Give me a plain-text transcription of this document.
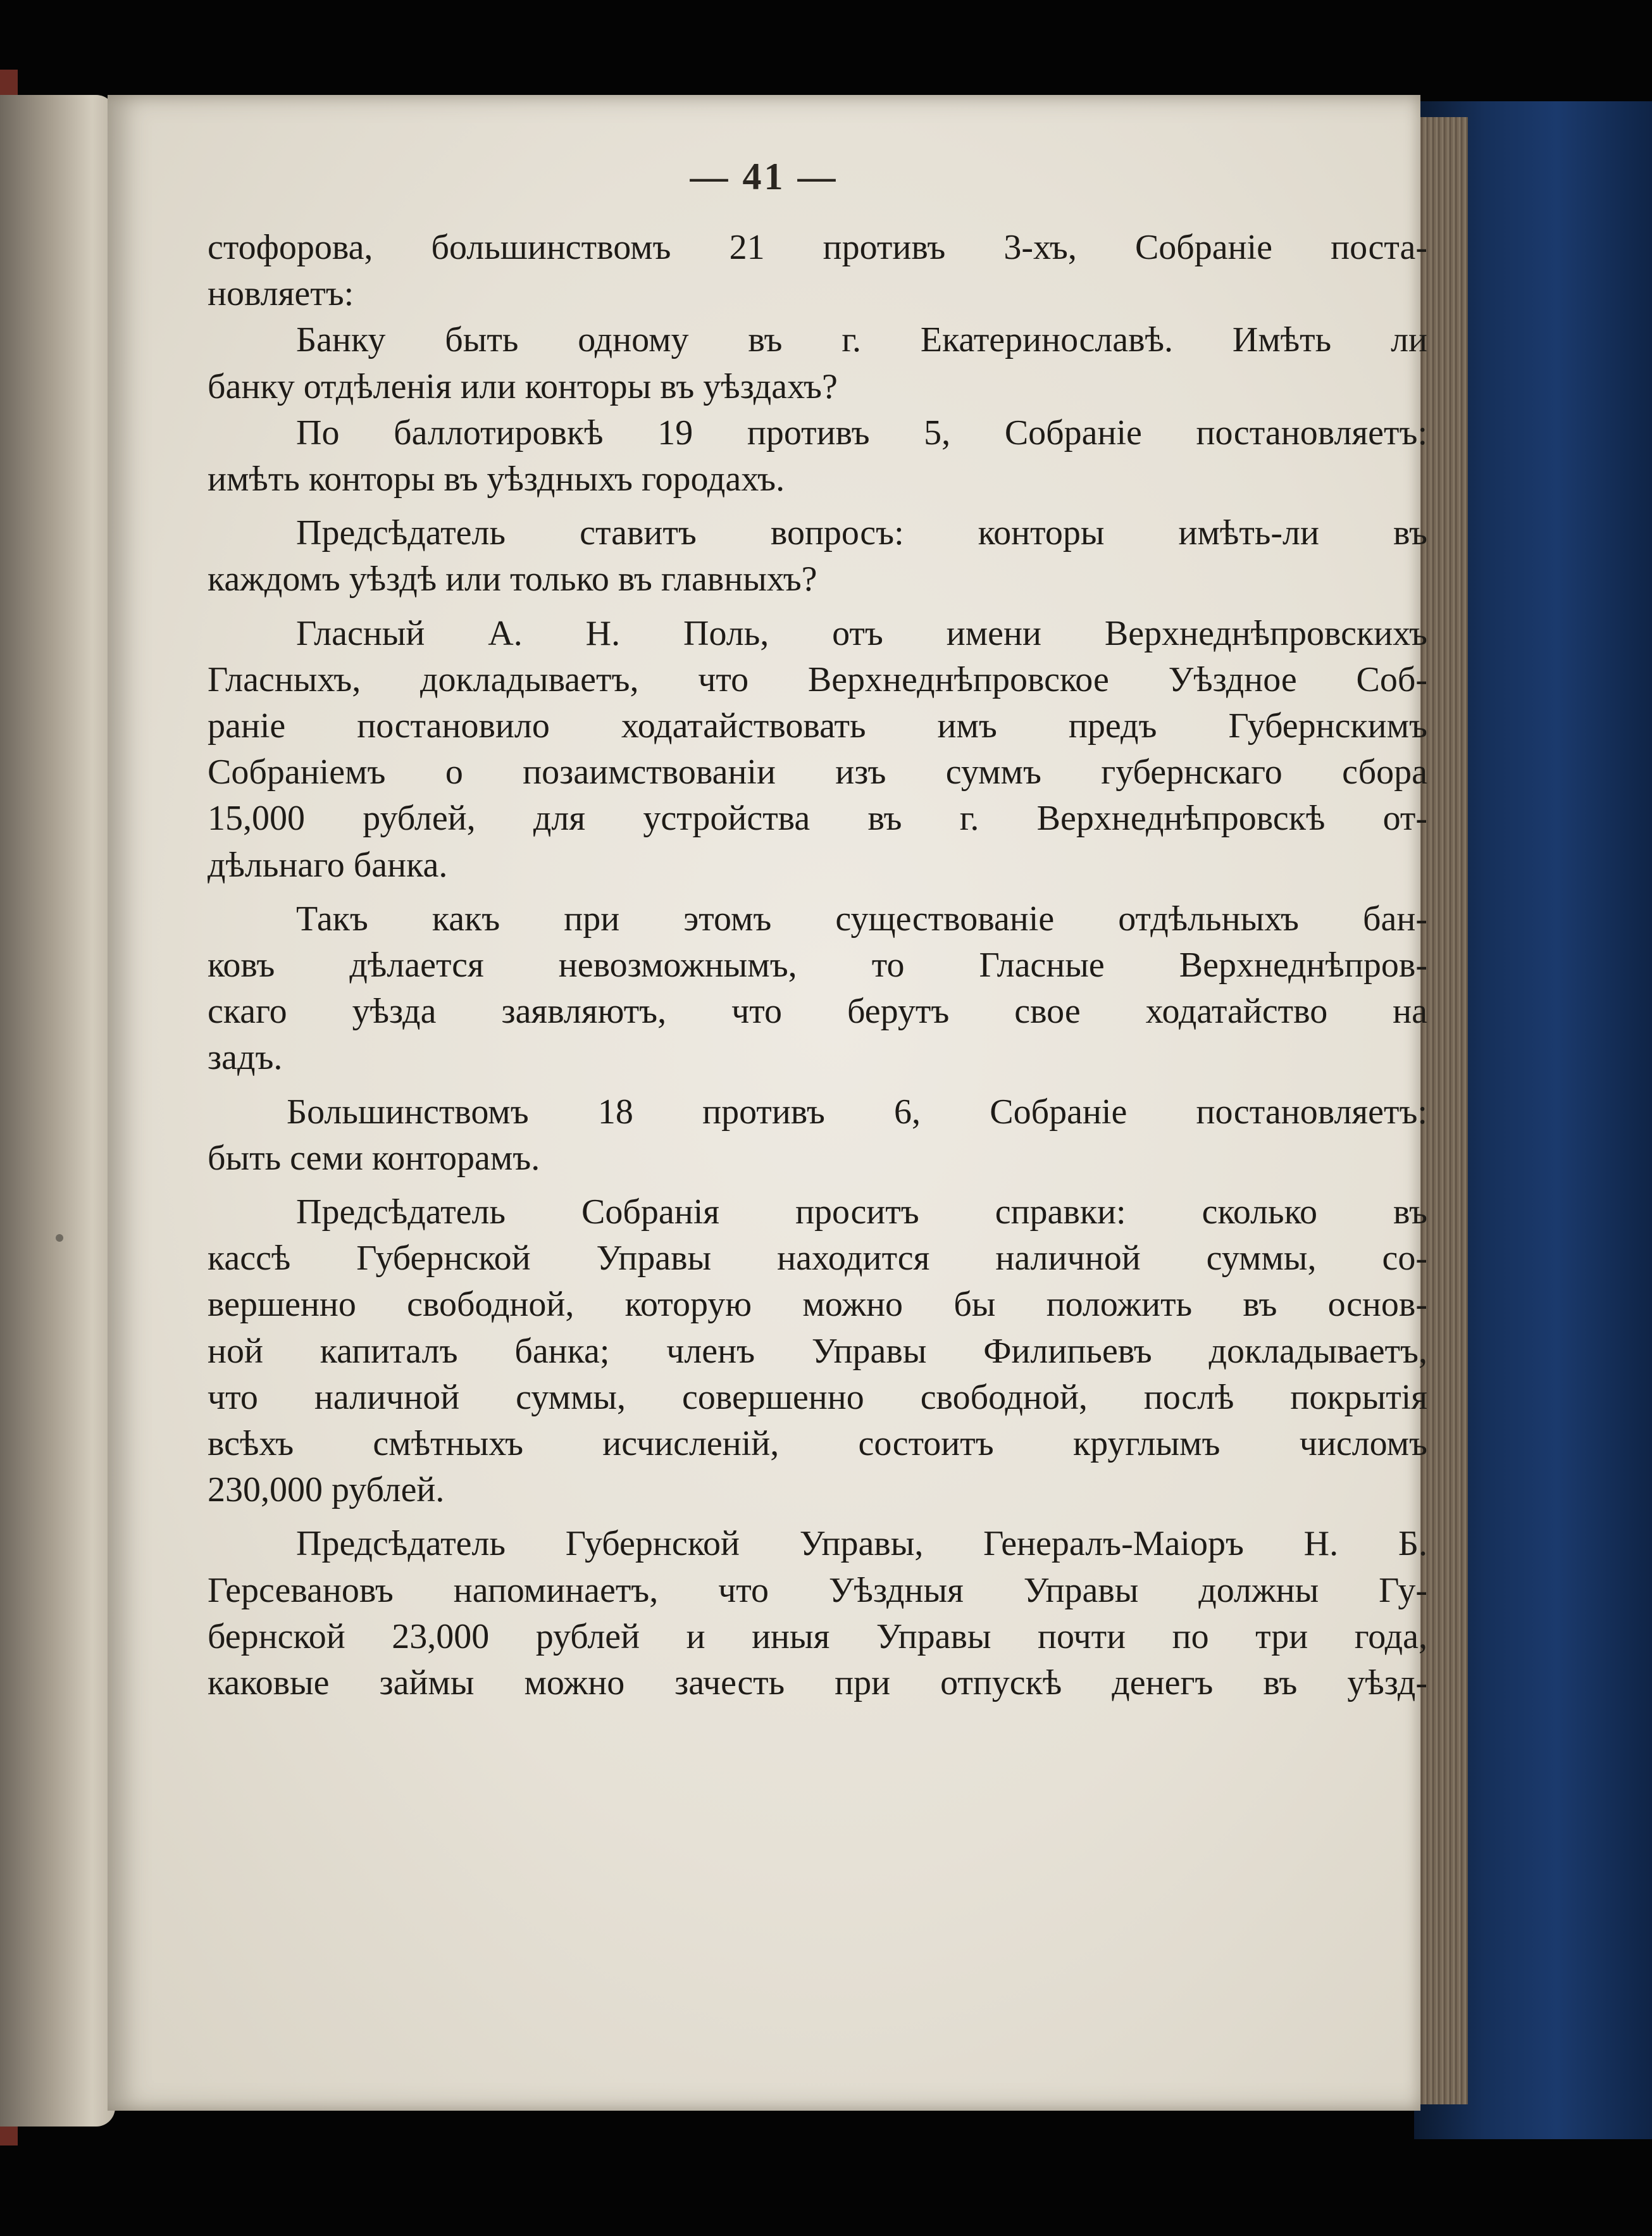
— 41 —

стофорова, большинствомъ 21 противъ 3-хъ, Собраніе поста-

новляетъ:

Банку быть одному въ г. Екатеринославѣ. Имѣть ли

банку отдѣленія или конторы въ уѣздахъ?

По баллотировкѣ 19 противъ 5, Собраніе постановляетъ:

имѣть конторы въ уѣздныхъ городахъ.

Предсѣдатель ставитъ вопросъ: конторы имѣть-ли въ

каждомъ уѣздѣ или только въ главныхъ?

Гласный А. Н. Поль, отъ имени Верхнеднѣпровскихъ

Гласныхъ, докладываетъ, что Верхнеднѣпровское Уѣздное Соб-

раніе постановило ходатайствовать имъ предъ Губернскимъ

Собраніемъ о позаимствованіи изъ суммъ губернскаго сбора

15,000 рублей, для устройства въ г. Верхнеднѣпровскѣ от-

дѣльнаго банка.

Такъ какъ при этомъ существованіе отдѣльныхъ бан-

ковъ дѣлается невозможнымъ, то Гласные Верхнеднѣпров-

скаго уѣзда заявляютъ, что берутъ свое ходатайство на

задъ.

Большинствомъ 18 противъ 6, Собраніе постановляетъ:

быть семи конторамъ.

Предсѣдатель Собранія проситъ справки: сколько въ

кассѣ Губернской Управы находится наличной суммы, со-

вершенно свободной, которую можно бы положить въ основ-

ной капиталъ банка; членъ Управы Филипьевъ докладываетъ,

что наличной суммы, совершенно свободной, послѣ покрытія

всѣхъ смѣтныхъ исчисленій, состоитъ круглымъ числомъ

230,000 рублей.

Предсѣдатель Губернской Управы, Генералъ-Маіоръ Н. Б.

Герсевановъ напоминаетъ, что Уѣздныя Управы должны Гу-

бернской 23,000 рублей и иныя Управы почти по три года,

каковые займы можно зачесть при отпускѣ денегъ въ уѣзд-
